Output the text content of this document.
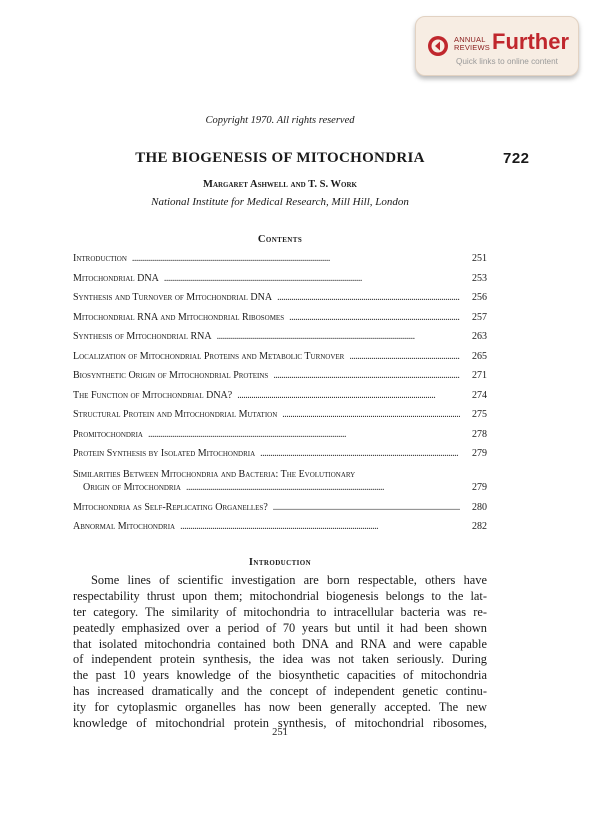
ANNUAL
REVIEWS Further
Quick links to online content
Copyright 1970. All rights reserved
THE BIOGENESIS OF MITOCHONDRIA	722
Margaret Ashwell and T. S. Work
National Institute for Medical Research, Mill Hill, London
Contents
Introduction . . .	251
Mitochondrial DNA . . .	253
Synthesis and Turnover of Mitochondrial DNA . . .	256
Mitochondrial RNA and Mitochondrial Ribosomes . . .	257
Synthesis of Mitochondrial RNA . . .	263
Localization of Mitochondrial Proteins and Metabolic Turnover . . .	265
Biosynthetic Origin of Mitochondrial Proteins . . .	271
The Function of Mitochondrial DNA? . . .	274
Structural Protein and Mitochondrial Mutation . . .	275
Promitochondria . . .	278
Protein Synthesis by Isolated Mitochondria . . .	279
Similarities Between Mitochondria and Bacteria: The Evolutionary
Origin of Mitochondria . . .	279
Mitochondria as Self-Replicating Organelles? . . .	280
Abnormal Mitochondria . . .	282
Introduction
Some lines of scientific investigation are born respectable, others have
respectability thrust upon them; mitochondrial biogenesis belongs to the lat-
ter category. The similarity of mitochondria to intracellular bacteria was re-
peatedly emphasized over a period of 70 years but until it had been shown
that isolated mitochondria contained both DNA and RNA and were capable
of independent protein synthesis, the idea was not taken seriously. During
the past 10 years knowledge of the biosynthetic capacities of mitochondria
has increased dramatically and the concept of independent genetic continu-
ity for cytoplasmic organelles has now been generally accepted. The new
knowledge of mitochondrial protein synthesis, of mitochondrial ribosomes,
251
